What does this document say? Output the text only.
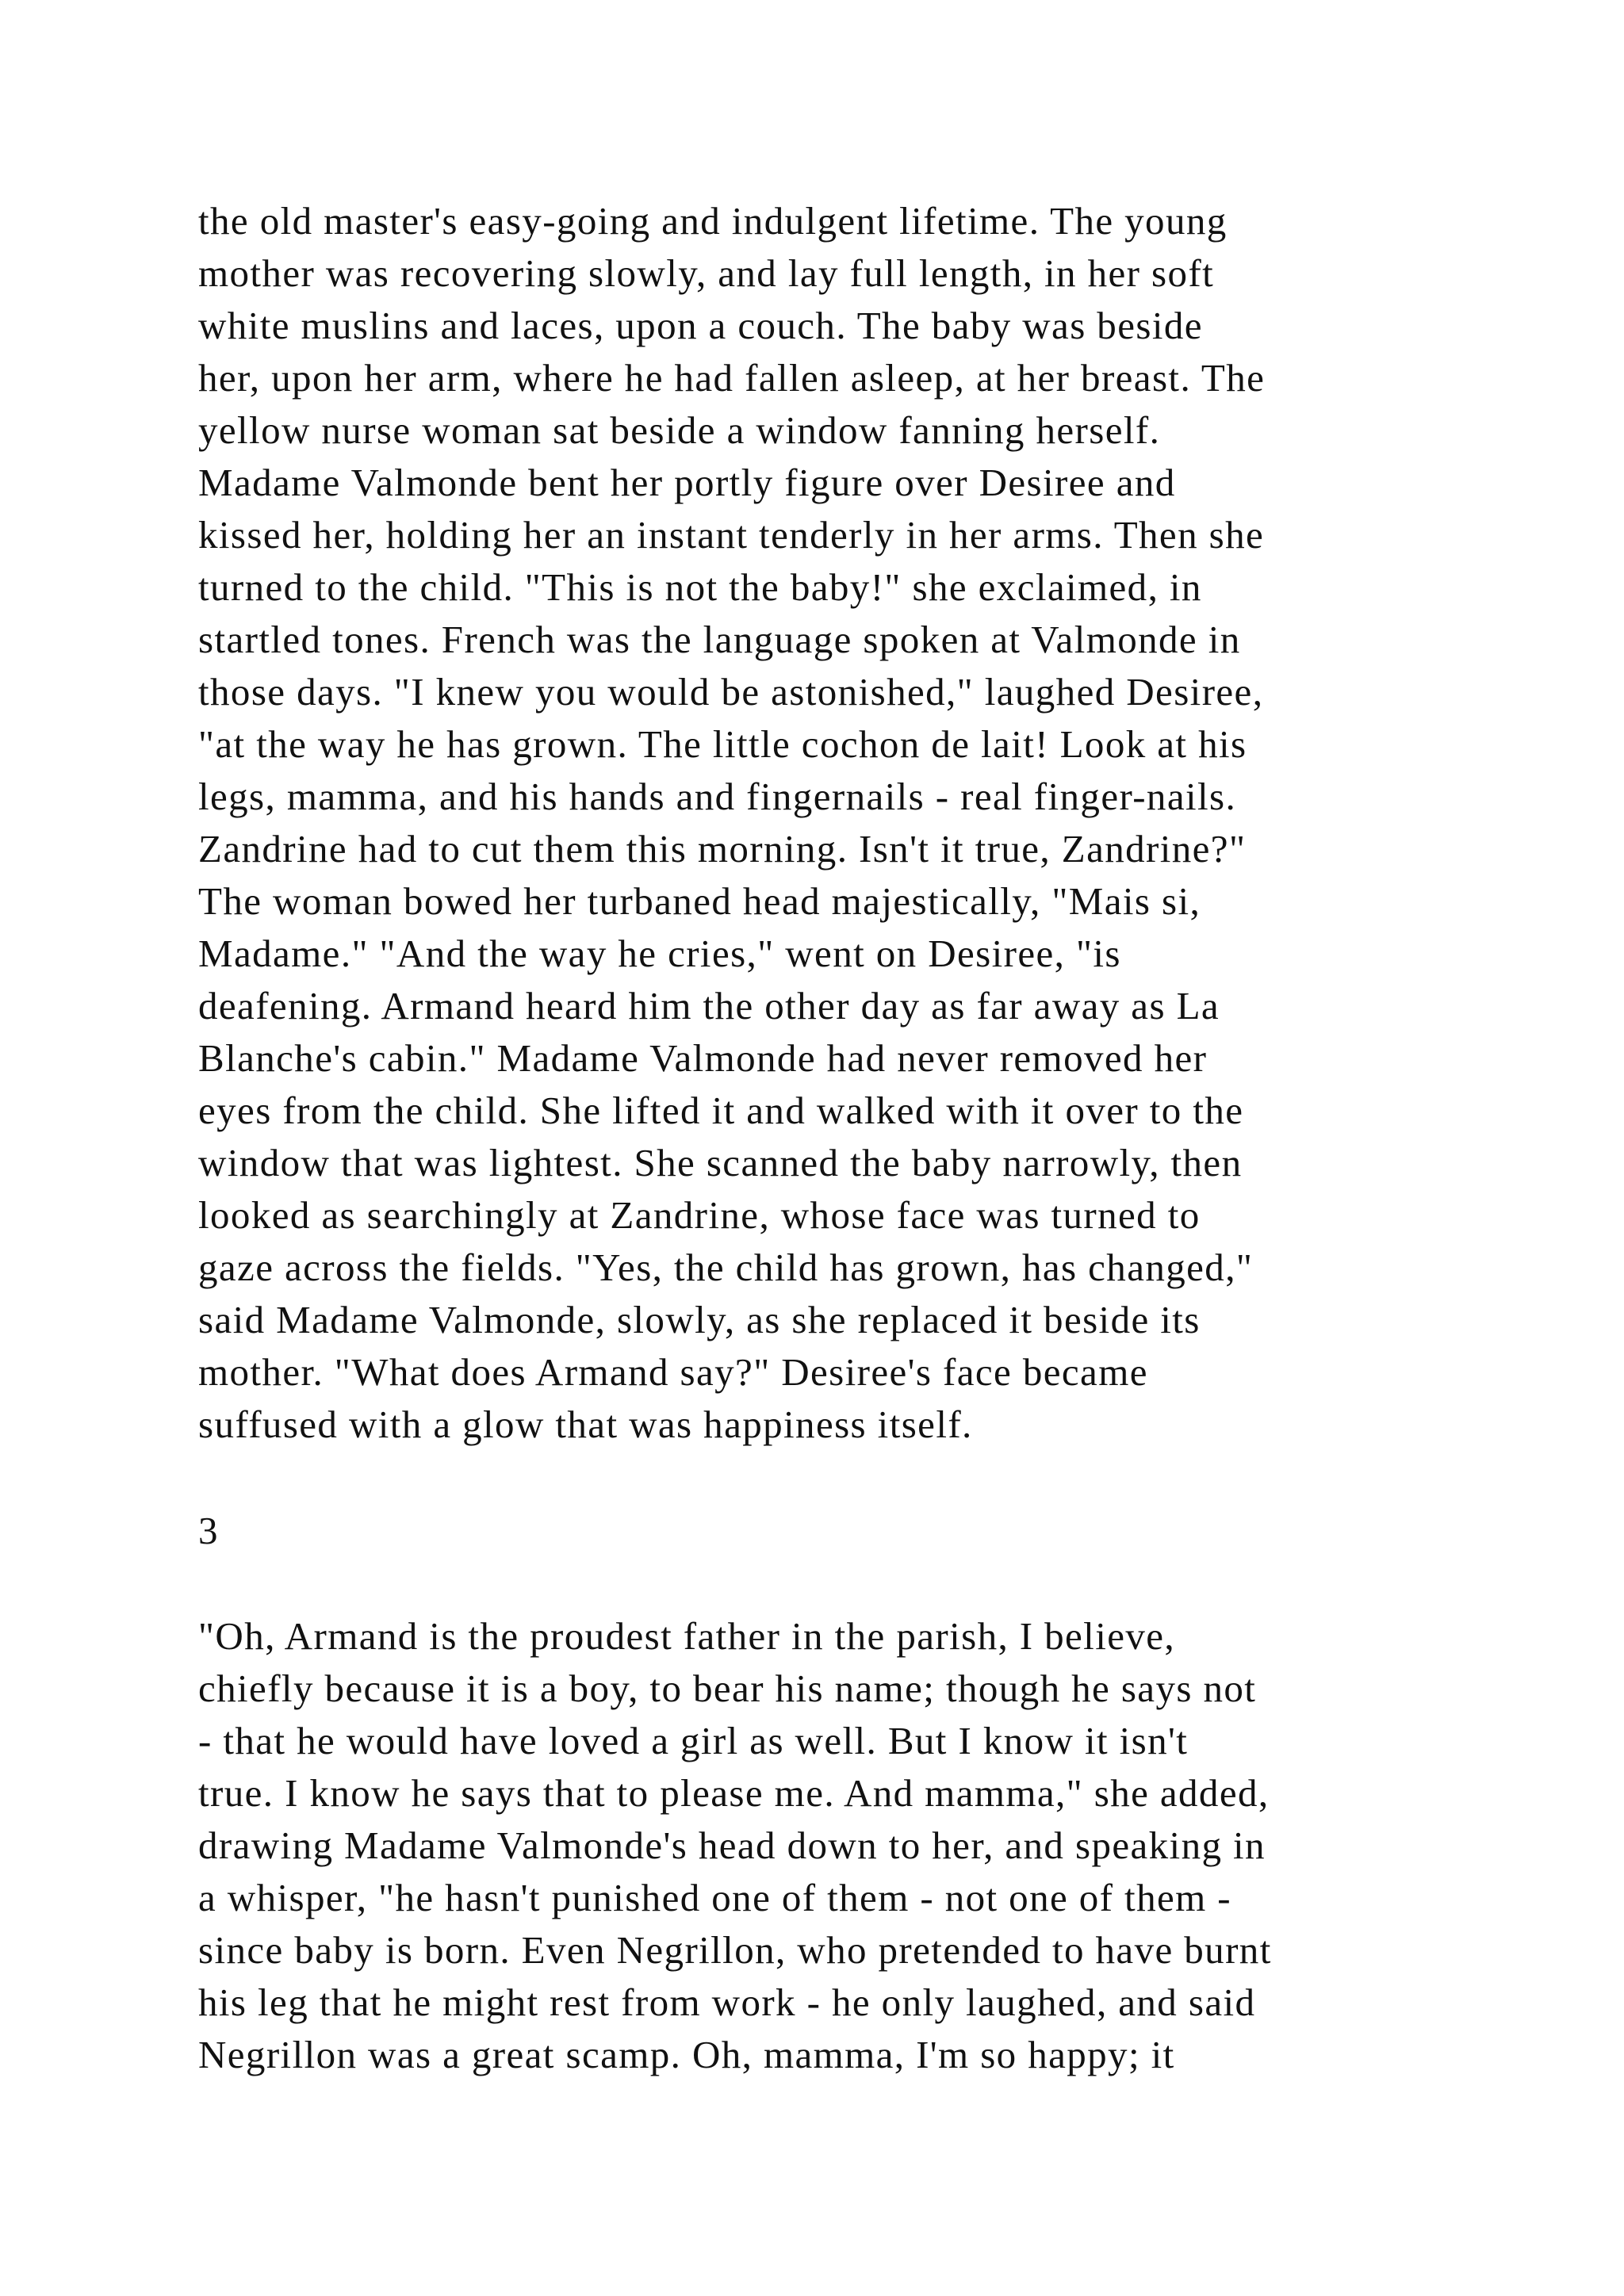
the old master's easy-going and indulgent lifetime. The young

mother was recovering slowly, and lay full length, in her soft

white muslins and laces, upon a couch. The baby was beside

her, upon her arm, where he had fallen asleep, at her breast. The

yellow nurse woman sat beside a window fanning herself.

Madame Valmonde bent her portly figure over Desiree and

kissed her, holding her an instant tenderly in her arms. Then she

turned to the child. "This is not the baby!" she exclaimed, in

startled tones. French was the language spoken at Valmonde in

those days. "I knew you would be astonished," laughed Desiree,

"at the way he has grown. The little cochon de lait! Look at his

legs, mamma, and his hands and fingernails - real finger-nails.

Zandrine had to cut them this morning. Isn't it true, Zandrine?"

The woman bowed her turbaned head majestically, "Mais si,

Madame." "And the way he cries," went on Desiree, "is

deafening. Armand heard him the other day as far away as La

Blanche's cabin." Madame Valmonde had never removed her

eyes from the child. She lifted it and walked with it over to the

window that was lightest. She scanned the baby narrowly, then

looked as searchingly at Zandrine, whose face was turned to

gaze across the fields. "Yes, the child has grown, has changed,"

said Madame Valmonde, slowly, as she replaced it beside its

mother. "What does Armand say?" Desiree's face became

suffused with a glow that was happiness itself.

3

"Oh, Armand is the proudest father in the parish, I believe,

chiefly because it is a boy, to bear his name; though he says not

- that he would have loved a girl as well. But I know it isn't

true. I know he says that to please me. And mamma," she added,

drawing Madame Valmonde's head down to her, and speaking in

a whisper, "he hasn't punished one of them - not one of them -

since baby is born. Even Negrillon, who pretended to have burnt

his leg that he might rest from work - he only laughed, and said

Negrillon was a great scamp. Oh, mamma, I'm so happy; it
